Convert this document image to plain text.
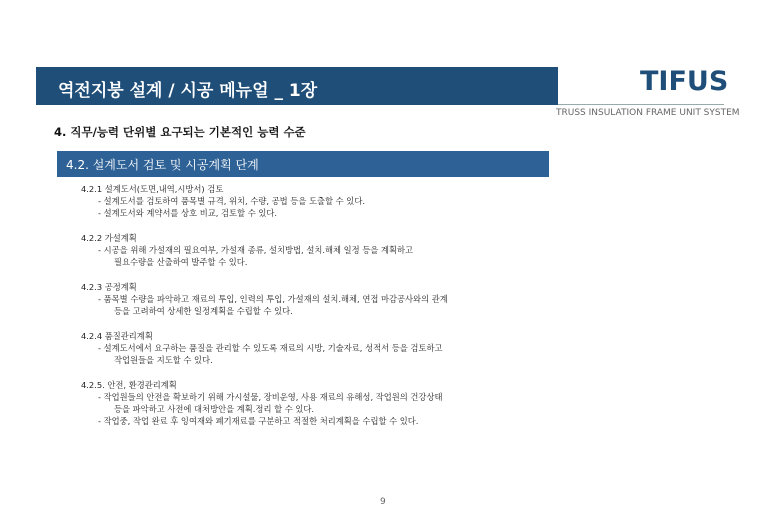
역전지붕 설계 / 시공 메뉴얼 _ 1장	TIFUS
TRUSS INSULATION FRAME UNIT SYSTEM
4. 직무/능력 단위별 요구되는 기본적인 능력 수준
4.2. 설계도서 검토 및 시공계획 단계
4.2.1 설계도서(도면,내역,시방서) 검토
- 설계도서를 검토하여 품목별 규격, 위치, 수량, 공법 등을 도출할 수 있다.
- 설계도서와 계약서를 상호 비교, 검토할 수 있다.
4.2.2 가설계획
- 시공을 위해 가설재의 필요여부, 가설재 종류, 설치방법, 설치.해체 일정 등을 계획하고
필요수량을 산출하여 발주할 수 있다.
4.2.3 공정계획
- 품목별 수량을 파악하고 재료의 투입, 인력의 투입, 가설재의 설치.해체, 연접 마감공사와의 관계
등을 고려하여 상세한 일정계획을 수립할 수 있다.
4.2.4 품질관리계획
- 설계도서에서 요구하는 품질을 관리할 수 있도록 재료의 시방, 기술자료, 성적서 등을 검토하고
작업원들을 지도할 수 있다.
4.2.5. 안전, 환경관리계획
- 작업원들의 안전을 확보하기 위해 가시설물, 장비운영, 사용 재료의 유해성, 작업원의 건강상태
등을 파악하고 사전에 대처방안을 계획.정리 할 수 있다.
- 작업중, 작업 완료 후 잉여재와 폐기재료를 구분하고 적절한 처리계획을 수립할 수 있다.
9
